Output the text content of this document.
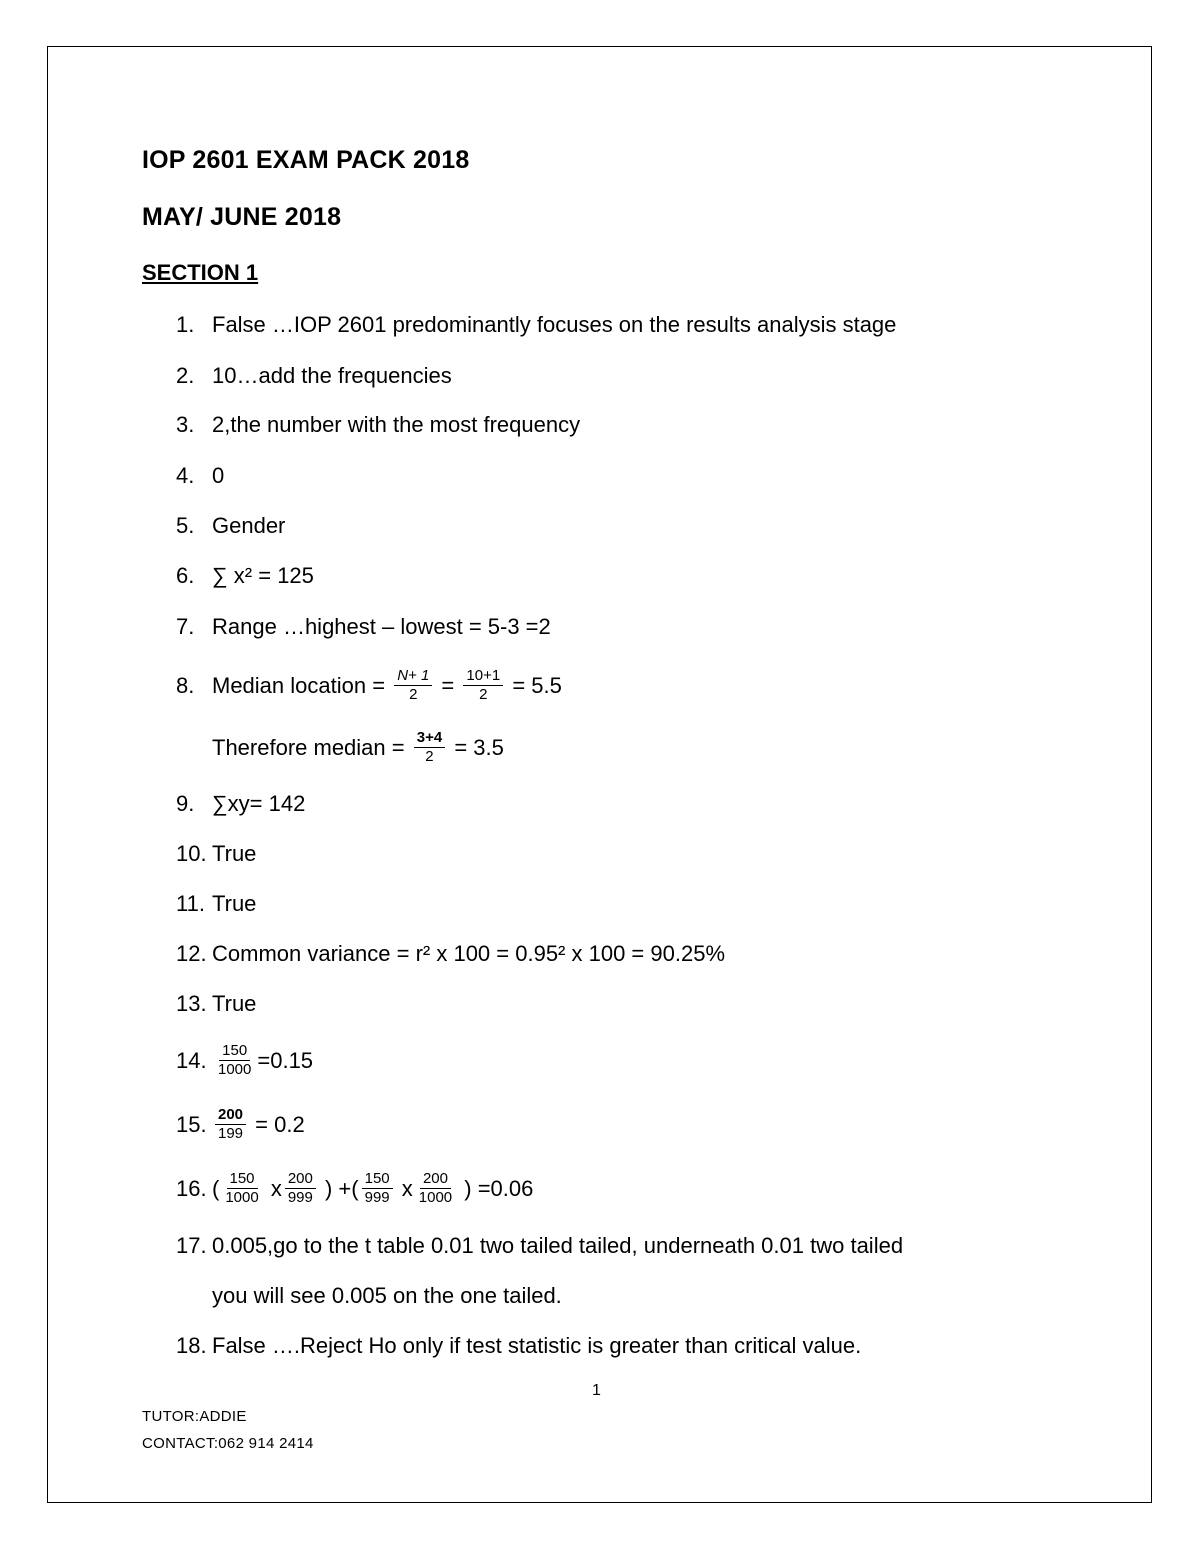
IOP 2601 EXAM PACK 2018
MAY/ JUNE 2018
SECTION 1
1. False …IOP 2601 predominantly focuses on the results analysis stage
2. 10…add the frequencies
3. 2,the number with the most frequency
4. 0
5. Gender
6. ∑ x² = 125
7. Range …highest – lowest = 5-3 =2
8. Median location = $\frac{N+ 1}{2} = \frac{10+1}{2} = 5.5$
Therefore median = $\frac{3+4}{2} = 3.5$
9. ∑xy= 142
10. True
11. True
12. Common variance = r² x 100 = 0.95² x 100 = 90.25%
13. True
14. $\frac{150}{1000} =0.15$
15. $\frac{200}{199} = 0.2$
16. ( $\frac{150}{1000}$ x $\frac{200}{999}$ ) +( $\frac{150}{999}$ x $\frac{200}{1000}$ ) =0.06
17. 0.005,go to the t table 0.01 two tailed tailed, underneath 0.01 two tailed
you will see 0.005 on the one tailed.
18. False ….Reject Ho only if test statistic is greater than critical value.
1
TUTOR:ADDIE
CONTACT:062 914 2414
